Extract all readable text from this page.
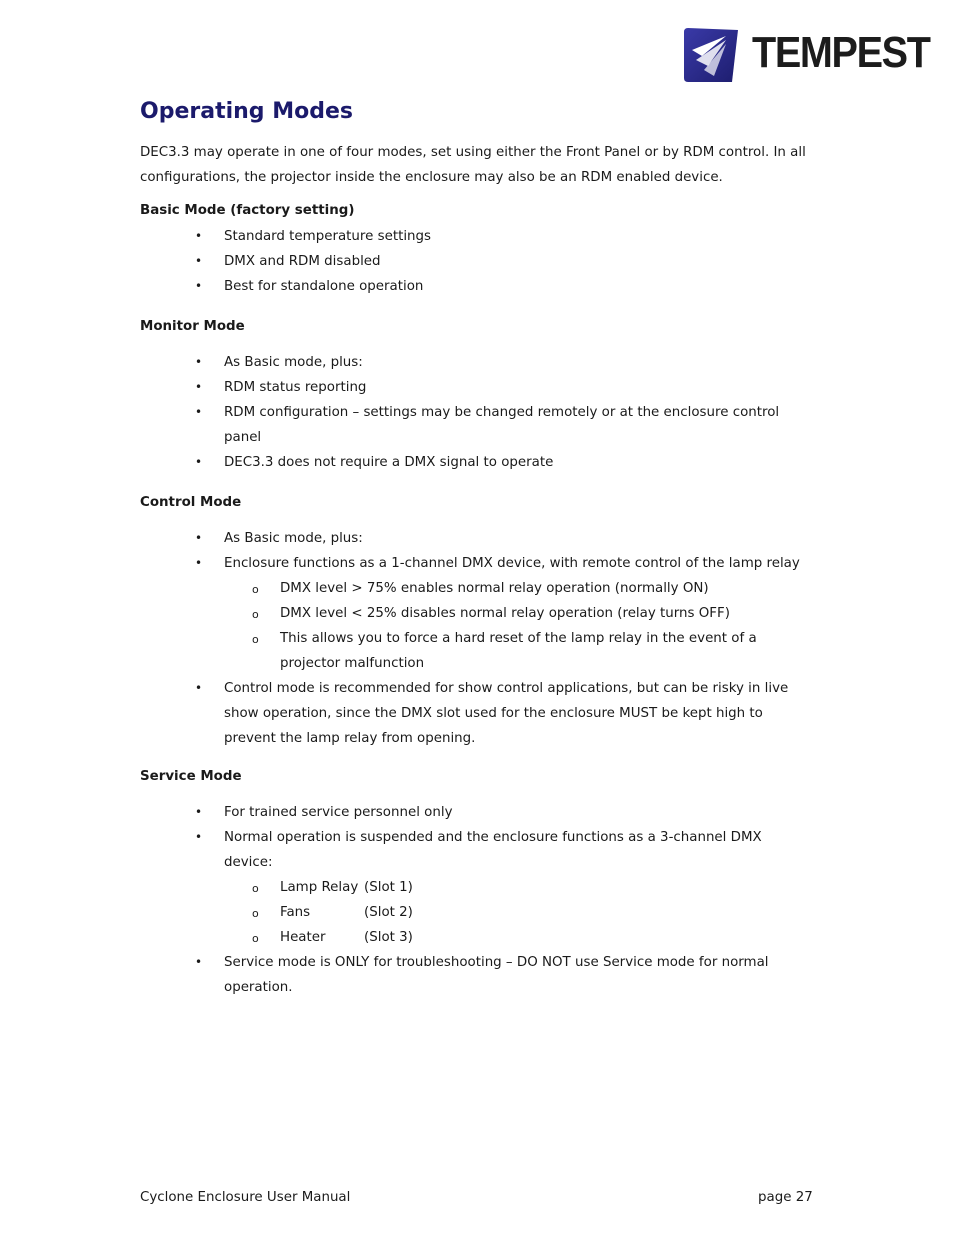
TEMPEST
Operating Modes

DEC3.3 may operate in one of four modes, set using either the Front Panel or by RDM control. In all configurations, the projector inside the enclosure may also be an RDM enabled device.

Basic Mode (factory setting)
• Standard temperature settings
• DMX and RDM disabled
• Best for standalone operation
Monitor Mode
• As Basic mode, plus:
• RDM status reporting
• RDM configuration – settings may be changed remotely or at the enclosure control panel
• DEC3.3 does not require a DMX signal to operate
Control Mode
• As Basic mode, plus:
• Enclosure functions as a 1-channel DMX device, with remote control of the lamp relay
o DMX level > 75% enables normal relay operation (normally ON)
o DMX level < 25% disables normal relay operation (relay turns OFF)
o This allows you to force a hard reset of the lamp relay in the event of a projector malfunction
• Control mode is recommended for show control applications, but can be risky in live show operation, since the DMX slot used for the enclosure MUST be kept high to prevent the lamp relay from opening.
Service Mode
• For trained service personnel only
• Normal operation is suspended and the enclosure functions as a 3-channel DMX device:
o Lamp Relay (Slot 1)
o Fans	(Slot 2)
o Heater	(Slot 3)
• Service mode is ONLY for troubleshooting – DO NOT use Service mode for normal operation.
Cyclone Enclosure User Manual	page 27
